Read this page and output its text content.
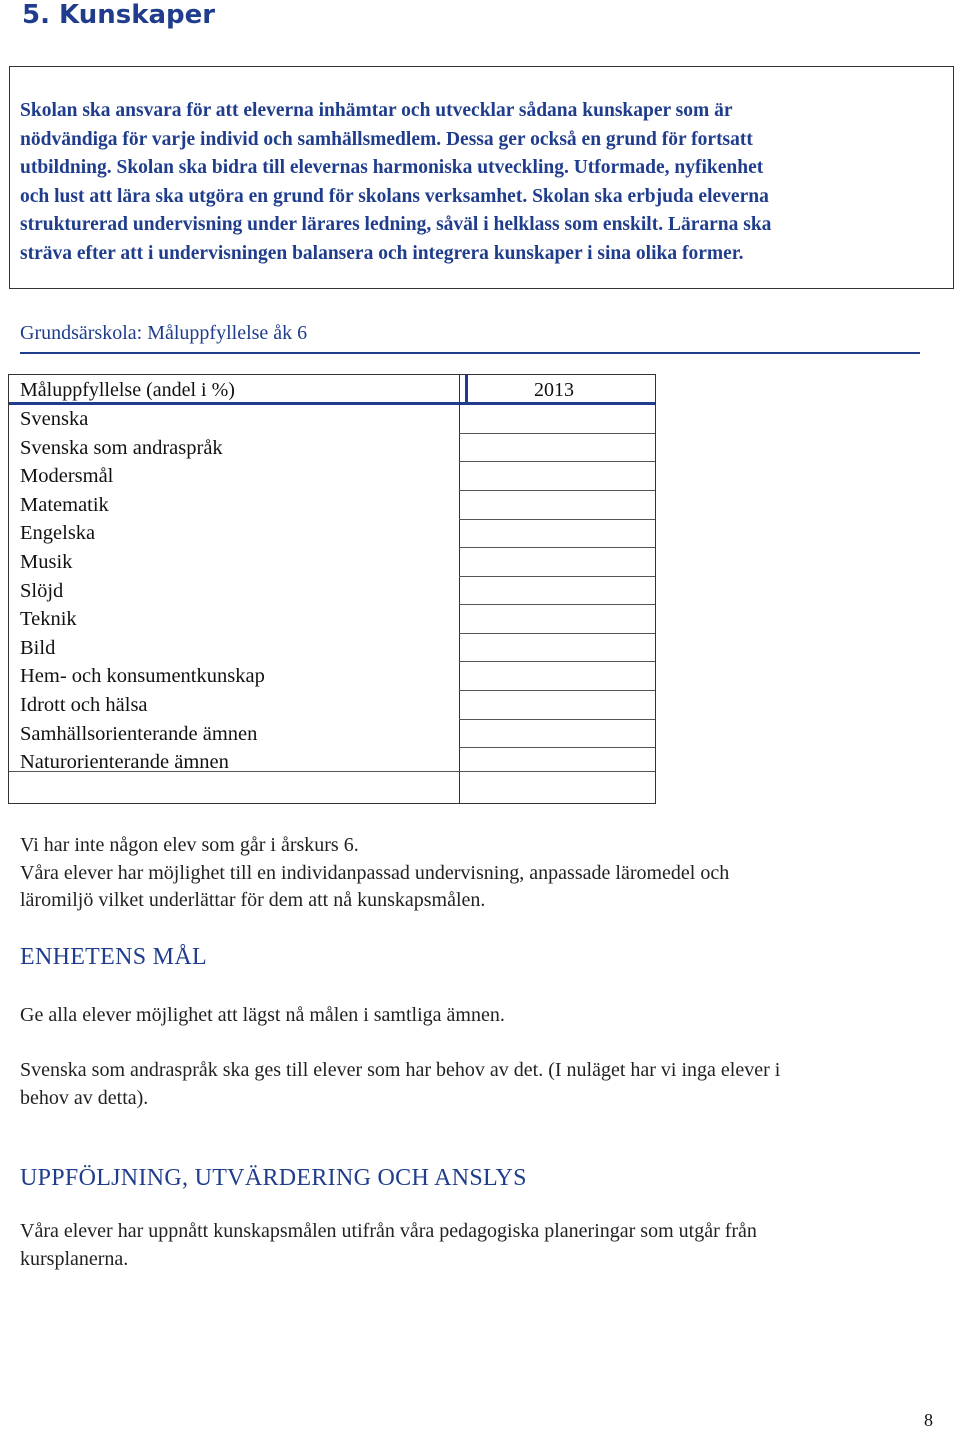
5. Kunskaper
Skolan ska ansvara för att eleverna inhämtar och utvecklar sådana kunskaper som är
nödvändiga för varje individ och samhällsmedlem. Dessa ger också en grund för fortsatt
utbildning. Skolan ska bidra till elevernas harmoniska utveckling. Utformade, nyfikenhet
och lust att lära ska utgöra en grund för skolans verksamhet. Skolan ska erbjuda eleverna
strukturerad undervisning under lärares ledning, såväl i helklass som enskilt. Lärarna ska
sträva efter att i undervisningen balansera och integrera kunskaper i sina olika former.
Grundsärskola: Måluppfyllelse åk 6
Måluppfyllelse (andel i %)	2013
Svenska
Svenska som andraspråk
Modersmål
Matematik
Engelska
Musik
Slöjd
Teknik
Bild
Hem- och konsumentkunskap
Idrott och hälsa
Samhällsorienterande ämnen
Naturorienterande ämnen
Vi har inte någon elev som går i årskurs 6.
Våra elever har möjlighet till en individanpassad undervisning, anpassade läromedel och
läromiljö vilket underlättar för dem att nå kunskapsmålen.
ENHETENS MÅL
Ge alla elever möjlighet att lägst nå målen i samtliga ämnen.
Svenska som andraspråk ska ges till elever som har behov av det. (I nuläget har vi inga elever i
behov av detta).
UPPFÖLJNING, UTVÄRDERING OCH ANSLYS
Våra elever har uppnått kunskapsmålen utifrån våra pedagogiska planeringar som utgår från
kursplanerna.
8
